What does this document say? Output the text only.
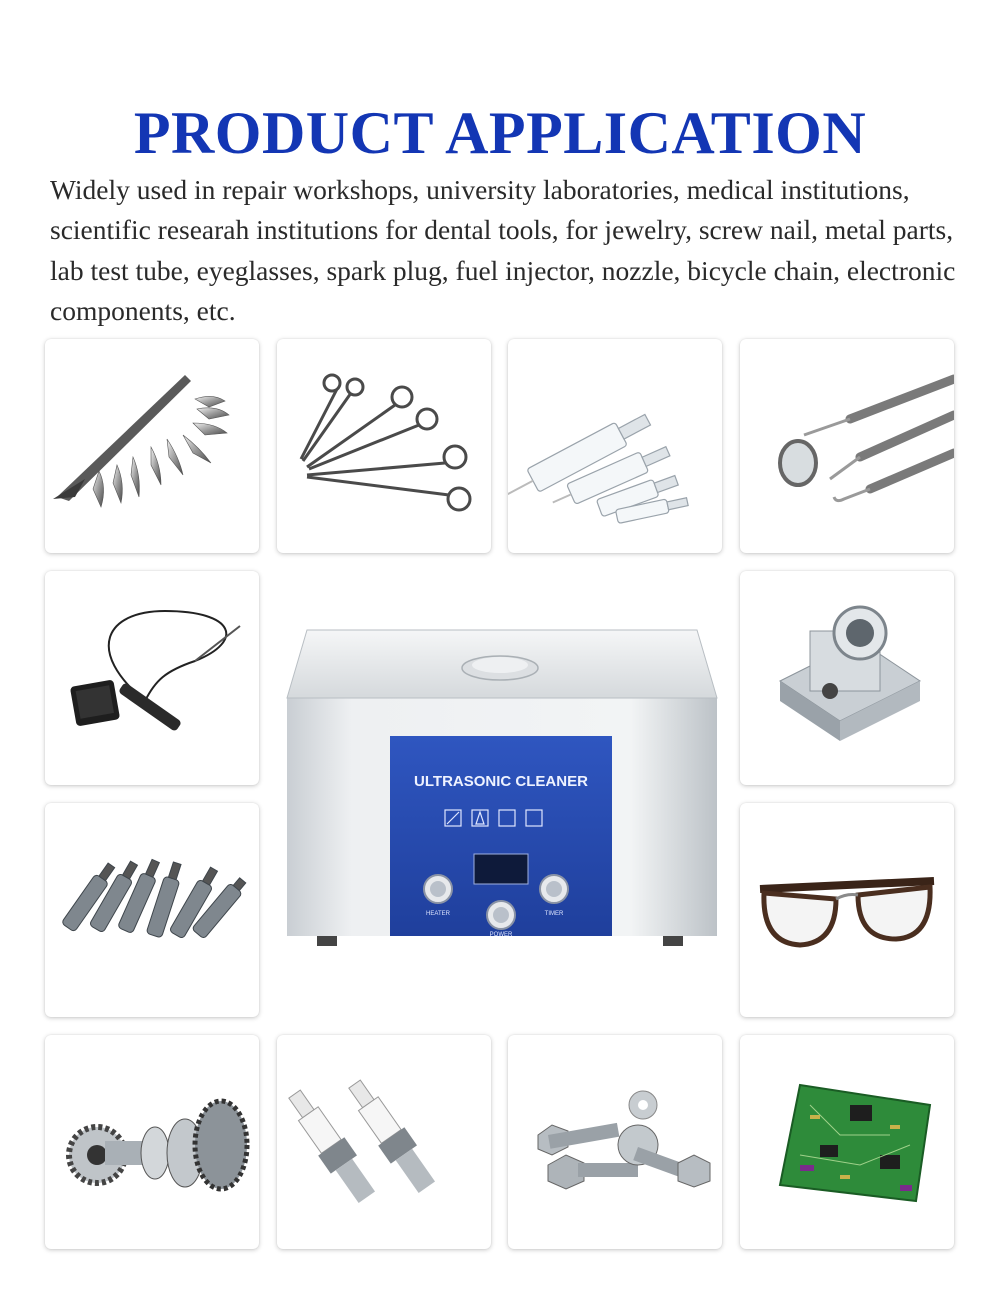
PRODUCT APPLICATION

Widely used in repair workshops, university laboratories, medical institutions, scientific researah institutions for dental tools, for jewelry, screw nail, metal parts, lab test tube, eyeglasses, spark plug, fuel injector, nozzle, bicycle chain, electronic components, etc.

ULTRASONIC CLEANER
HEATER
POWER
TIMER
